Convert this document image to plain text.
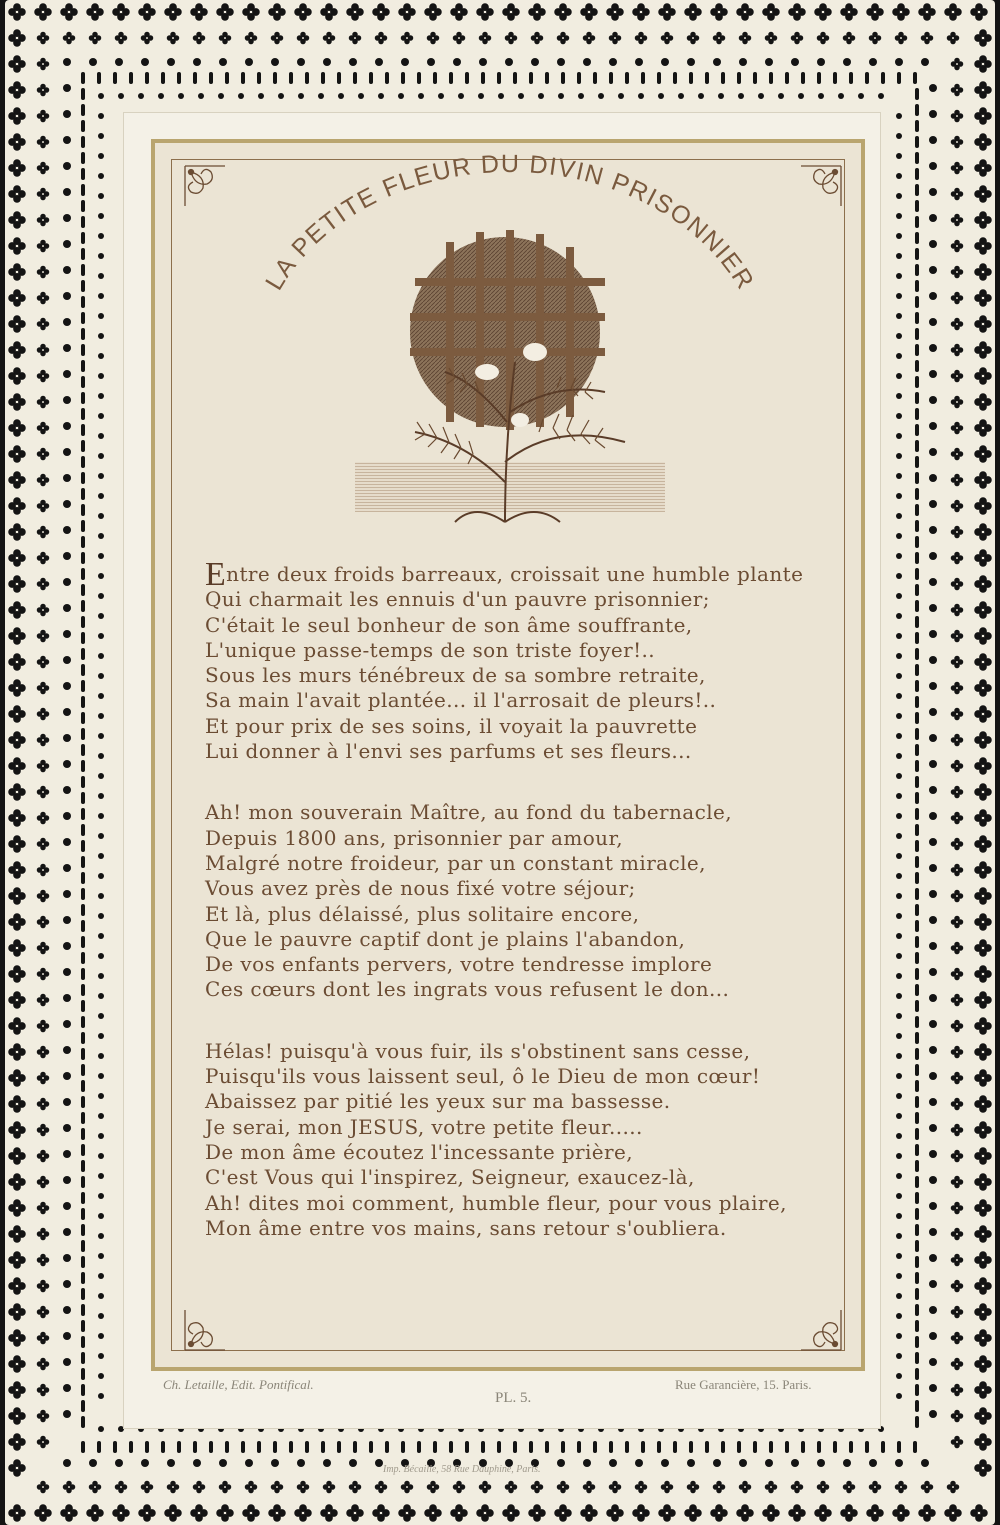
LA PETITE FLEUR DU DIVIN PRISONNIER
Entre deux froids barreaux, croissait une humble plante
Qui charmait les ennuis d'un pauvre prisonnier;
C'était le seul bonheur de son âme souffrante,
L'unique passe-temps de son triste foyer!..
Sous les murs ténébreux de sa sombre retraite,
Sa main l'avait plantée... il l'arrosait de pleurs!..
Et pour prix de ses soins, il voyait la pauvrette
Lui donner à l'envi ses parfums et ses fleurs...
Ah! mon souverain Maître, au fond du tabernacle,
Depuis 1800 ans, prisonnier par amour,
Malgré notre froideur, par un constant miracle,
Vous avez près de nous fixé votre séjour;
Et là, plus délaissé, plus solitaire encore,
Que le pauvre captif dont je plains l'abandon,
De vos enfants pervers, votre tendresse implore
Ces cœurs dont les ingrats vous refusent le don...
Hélas! puisqu'à vous fuir, ils s'obstinent sans cesse,
Puisqu'ils vous laissent seul, ô le Dieu de mon cœur!
Abaissez par pitié les yeux sur ma bassesse.
Je serai, mon JESUS, votre petite fleur.....
De mon âme écoutez l'incessante prière,
C'est Vous qui l'inspirez, Seigneur, exaucez-là,
Ah! dites moi comment, humble fleur, pour vous plaire,
Mon âme entre vos mains, sans retour s'oubliera.
Ch. Letaille, Edit. Pontifical.
PL. 5.
Rue Garancière, 15. Paris.
Imp. Bécaille, 58 Rue Dauphine, Paris.
